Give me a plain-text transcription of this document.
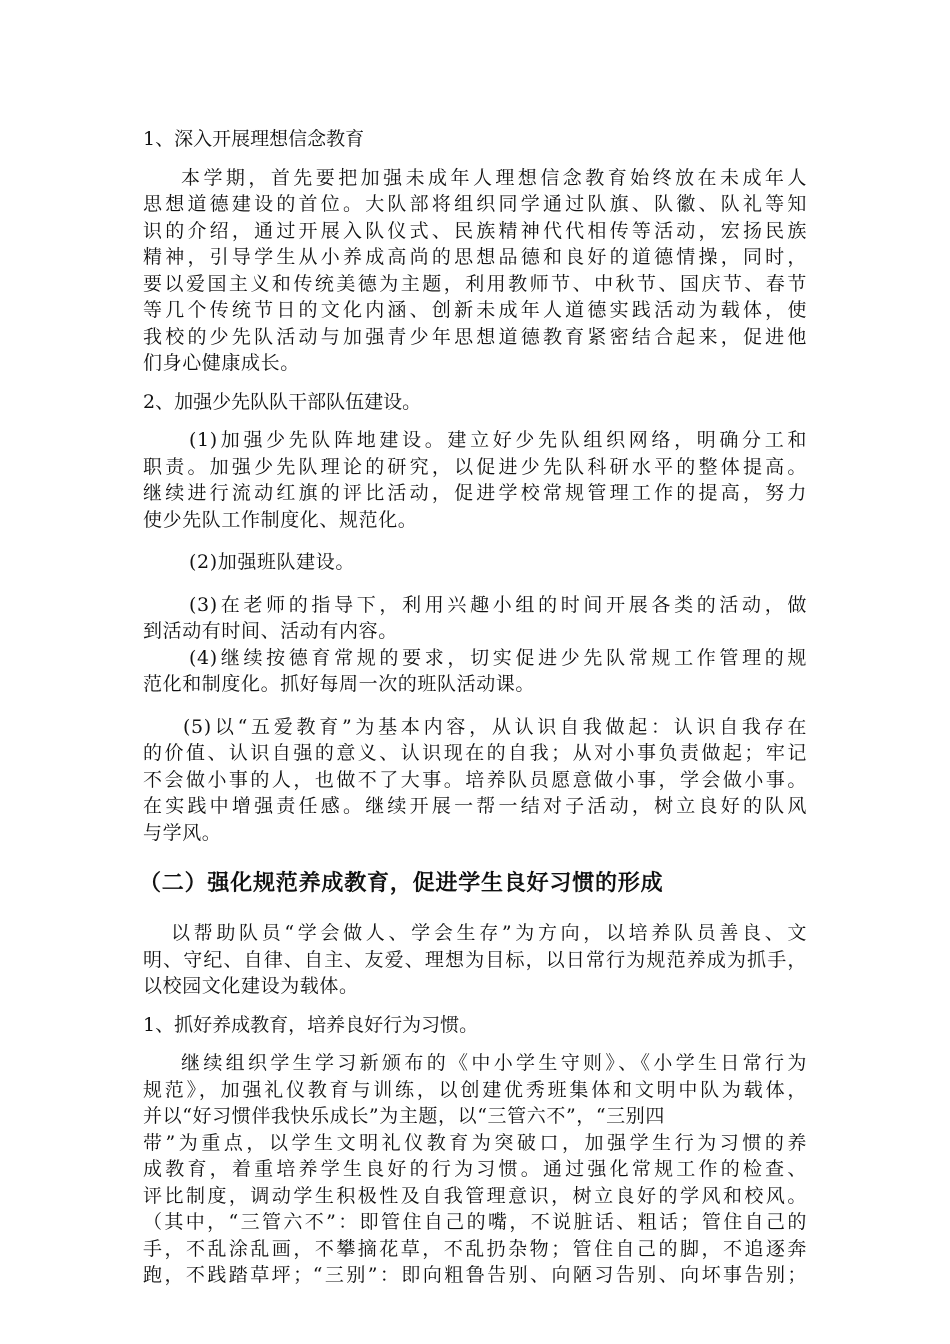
1、深入开展理想信念教育
本学期，首先要把加强未成年人理想信念教育始终放在未成年人
思想道德建设的首位。大队部将组织同学通过队旗、队徽、队礼等知
识的介绍，通过开展入队仪式、民族精神代代相传等活动，宏扬民族
精神，引导学生从小养成高尚的思想品德和良好的道德情操，同时，
要以爱国主义和传统美德为主题，利用教师节、中秋节、国庆节、春节
等几个传统节日的文化内涵、创新未成年人道德实践活动为载体，使
我校的少先队活动与加强青少年思想道德教育紧密结合起来，促进他
们身心健康成长。
2、加强少先队队干部队伍建设。
(1)加强少先队阵地建设。建立好少先队组织网络，明确分工和
职责。加强少先队理论的研究，以促进少先队科研水平的整体提高。
继续进行流动红旗的评比活动，促进学校常规管理工作的提高，努力
使少先队工作制度化、规范化。
(2)加强班队建设。
(3)在老师的指导下，利用兴趣小组的时间开展各类的活动，做
到活动有时间、活动有内容。
(4)继续按德育常规的要求，切实促进少先队常规工作管理的规
范化和制度化。抓好每周一次的班队活动课。
(5)以“五爱教育”为基本内容，从认识自我做起：认识自我存在
的价值、认识自强的意义、认识现在的自我；从对小事负责做起；牢记
不会做小事的人，也做不了大事。培养队员愿意做小事，学会做小事。
在实践中增强责任感。继续开展一帮一结对子活动，树立良好的队风
与学风。
（二）强化规范养成教育，促进学生良好习惯的形成
以帮助队员“学会做人、学会生存”为方向，以培养队员善良、文
明、守纪、自律、自主、友爱、理想为目标，以日常行为规范养成为抓手，
以校园文化建设为载体。
1、抓好养成教育，培养良好行为习惯。
继续组织学生学习新颁布的《中小学生守则》、《小学生日常行为
规范》，加强礼仪教育与训练，以创建优秀班集体和文明中队为载体，
并以“好习惯伴我快乐成长”为主题，以“三管六不”，“三别四
带”为重点，以学生文明礼仪教育为突破口，加强学生行为习惯的养
成教育，着重培养学生良好的行为习惯。通过强化常规工作的检查、
评比制度，调动学生积极性及自我管理意识，树立良好的学风和校风。
（其中，“三管六不”：即管住自己的嘴，不说脏话、粗话；管住自己的
手，不乱涂乱画，不攀摘花草，不乱扔杂物；管住自己的脚，不追逐奔
跑，不践踏草坪；“三别”：即向粗鲁告别、向陋习告别、向坏事告别；
